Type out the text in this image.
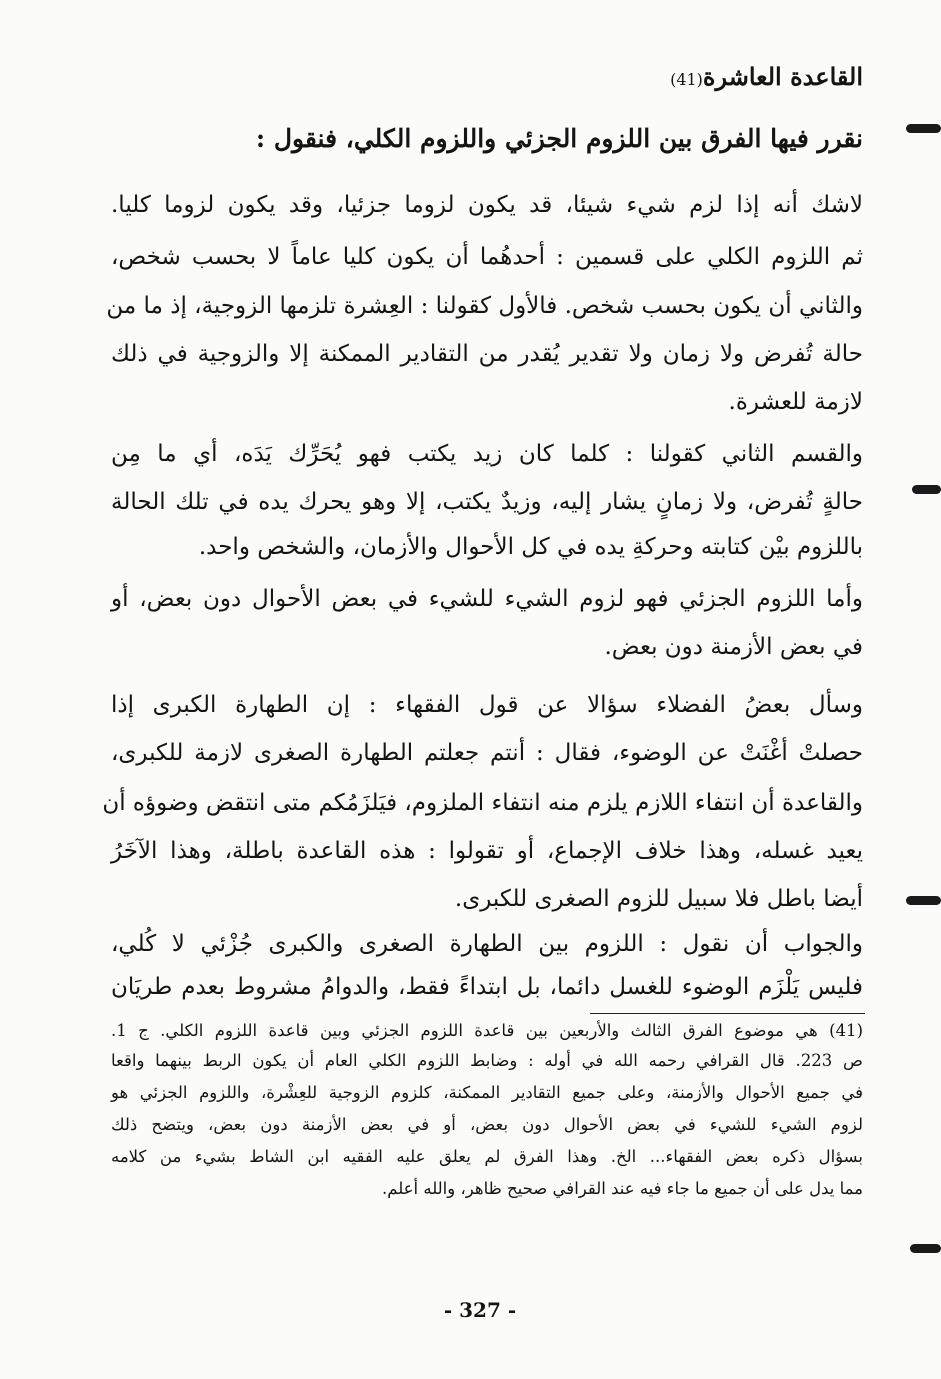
القاعدة العاشرة(41)
نقرر فيها الفرق بين اللزوم الجزئي واللزوم الكلي، فنقول :
لاشك أنه إذا لزم شيء شيئا، قد يكون لزوما جزئيا، وقد يكون لزوما كليا.
ثم اللزوم الكلي على قسمين : أحدهُما أن يكون كليا عاماً لا بحسب شخص،
والثاني أن يكون بحسب شخص. فالأول كقولنا : العِشرة تلزمها الزوجية، إذ ما من
حالة تُفرض ولا زمان ولا تقدير يُقدر من التقادير الممكنة إلا والزوجية في ذلك
لازمة للعشرة.
والقسم الثاني كقولنا : كلما كان زيد يكتب فهو يُحَرِّك يَدَه، أي ما مِن
حالةٍ تُفرض، ولا زمانٍ يشار إليه، وزيدٌ يكتب، إلا وهو يحرك يده في تلك الحالة
باللزوم بيْن كتابته وحركةِ يده في كل الأحوال والأزمان، والشخص واحد.
وأما اللزوم الجزئي فهو لزوم الشيء للشيء في بعض الأحوال دون بعض، أو
في بعض الأزمنة دون بعض.
وسأل بعضُ الفضلاء سؤالا عن قول الفقهاء : إن الطهارة الكبرى إذا
حصلتْ أغْنَتْ عن الوضوء، فقال : أنتم جعلتم الطهارة الصغرى لازمة للكبرى،
والقاعدة أن انتفاء اللازم يلزم منه انتفاء الملزوم، فيَلزَمُكم متى انتقض وضوؤه أن
يعيد غسله، وهذا خلاف الإجماع، أو تقولوا : هذه القاعدة باطلة، وهذا الآخَرُ
أيضا باطل فلا سبيل للزوم الصغرى للكبرى.
والجواب أن نقول : اللزوم بين الطهارة الصغرى والكبرى جُزْئي لا كُلي،
فليس يَلْزَم الوضوء للغسل دائما، بل ابتداءً فقط، والدوامُ مشروط بعدم طريَان
(41) هي موضوع الفرق الثالث والأربعين بين قاعدة اللزوم الجزئي وبين قاعدة اللزوم الكلي. ج 1.
ص 223. قال القرافي رحمه الله في أوله : وضابط اللزوم الكلي العام أن يكون الربط بينهما واقعا
في جميع الأحوال والأزمنة، وعلى جميع التقادير الممكنة، كلزوم الزوجية للعِشْرة، واللزوم الجزئي هو
لزوم الشيء للشيء في بعض الأحوال دون بعض، أو في بعض الأزمنة دون بعض، ويتضح ذلك
بسؤال ذكره بعض الفقهاء... الخ. وهذا الفرق لم يعلق عليه الفقيه ابن الشاط بشيء من كلامه
مما يدل على أن جميع ما جاء فيه عند القرافي صحيح ظاهر، والله أعلم.
- 327 -
